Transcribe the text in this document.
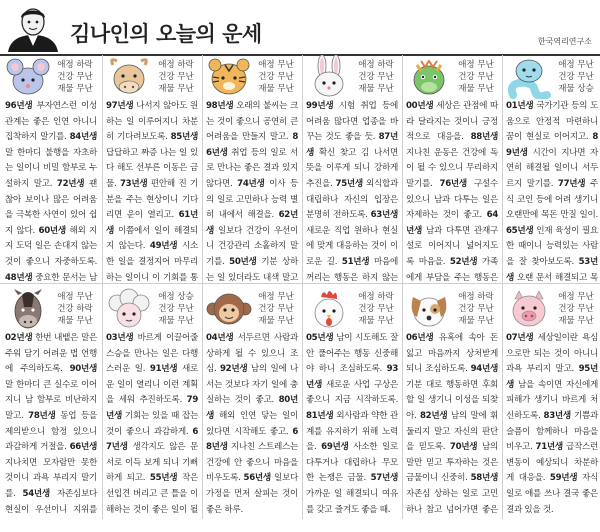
김나인의 오늘의 운세	한국역리연구소
애정 하락
건강 무난
재물 무난
96년생 부자연스런 이성관계는 좋은 인연 아니니 집착하지 말기를. 84년생 말 한마디 불행을 자초하는 일이니 비밀 함부로 누설하지 말고. 72년생 괜찮아 보이나 많은 어려움을 극복한 사연이 있어 쉽지 않다. 60년생 해외 지지 도덕 일은 손대지 않는 것이 좋으니 자중하도록. 48년생 중요한 문서는 남
애정 하락
건강 무난
재물 무난
97년생 나서지 않아도 원하는 일 이루어지니 차분히 기다려보도록. 85년생 답답하고 짜증 나는 일 있다 해도 선부른 이동은 금물. 73년생 편안해 진 기분을 주는 현상이니 기다리면 운이 열리고. 61년생 이쯤에서 일이 해결되지 않는다. 49년생 시소한 일을 결정지어 마무리하는 일이니 이 기회를 통
애정 무난
건강 무난
재물 무난
98년생 오래의 불씨는 크는 것이 좋으니 공연히 큰 어려움을 만들지 말고. 86년생 취업 등의 일로 서로 만나는 좋은 결과 있지 않다면. 74년생 이사 등의 일로 고민하나 능력 별히 내에서 해결을. 62년생 일보다 건강이 우선이니 건강관리 소홀하지 말기를. 50년생 기분 상하는 일 있더라도 내색 말고
애정 하락
건강 무난
재물 무난
99년생 시험 취업 등에 어려움 많다면 업종을 바꾸는 것도 좋을 듯. 87년생 확신 찾고 김 나서면 뜻을 이루게 되니 강하게 추진을. 75년생 외식합과 대립하나 자신의 입장은 분명히 전하도록. 63년생 새로운 직업 원하나 현실에 맞게 대응하는 것이 이로운 길. 51년생 마음에 꺼리는 행동은 하지 않는
애정 무난
건강 무난
재물 무난
00년생 세상은 관점에 따라 달라지는 것이니 긍정적으로 대응을. 88년생 지나친 운동은 건강에 독이 될 수 있으니 무리하지 말기를. 76년생 구설수 있으니 남과 다투는 일은 자제하는 것이 좋고. 64년생 남과 다투면 관재구설로 이어지니 넓어지도록 마음을. 52년생 가족에게 부담을 주는 행동은
애정 무난
건강 무난
재물 상승
01년생 국가기관 등의 도움으로 안정적 마련하니 꿈이 현실로 이어지고. 89년생 시간이 지나면 자연히 해결될 일이니 서두르지 말기를. 77년생 주식 코인 등에 어려 생기니 오랜만에 목돈 만질 일이. 65년생 인재 육성이 필요한 때이니 능력있는 사람을 잘 찾아보도록. 53년생 오랜 문서 해결되고 목
애정 무난
건강 하락
재물 무난
02년생 한번 내뱉은 말은 주워 담기 어려운 법 언행에 주의하도록. 90년생 말 한마디 큰 실수로 이어지니 남 함부로 비난하지 말고. 78년생 동업 등을 제의받으니 함정 있으니 과감하게 거절을. 66년생 지나치면 모자람만 못한 것이니 과욕 부리지 말기를. 54년생 자존심보다 현실이 우선이니 지위를
애정 상승
건강 무난
재물 무난
03년생 바르게 이끌어줄 스승을 만나는 일은 다행스러운 일. 91년생 새로운 일이 열리니 이런 계획을 세워 추진하도록. 79년생 기회는 있을 때 잡는 것이 좋으니 과감하게. 67년생 생각지도 않은 문서로 이득 보게 되니 기뻐하게 되고. 55년생 작은 선입견 버리고 큰 틀을 이해하는 것이 좋은 일이 될
애정 무난
건강 무난
재물 무난
04년생 서두르면 사람과 상하게 될 수 있으니 조심. 92년생 남의 일에 나서는 것보다 자기 일에 충실하는 것이 좋고. 80년생 해외 인연 닿는 일이 있다면 시작해도 좋고. 68년생 지나친 스트레스는 건강에 안 좋으니 마음을 비우도록. 56년생 일보다 가정을 먼저 살피는 것이 좋은 하루.
애정 하락
건강 무난
재물 무난
05년생 남이 시도해도 잘 안 풀어주는 행동 신중해야 하니 조심하도록. 93년생 새로운 사업 구상은 좋으니 지금 시작하도록. 81년생 외사람과 약한 관계를 유지하기 위해 노력을. 69년생 사소한 일로 다투거나 대립하나 무모한 논쟁은 금물. 57년생 가까운 일 해결되니 여유를 갖고 즐겨도 좋을 때.
애정 하락
건강 무난
재물 무난
06년생 유혹에 속아 돈 잃고 마음까지 상처받게 되니 조심하도록. 94년생 기분 대로 행동하면 후회할 일 생기니 이성을 되찾아. 82년생 남의 말에 휘둘리지 말고 자신의 판단을 믿도록. 70년생 남의 말만 믿고 투자하는 것은 금물이니 신중히. 58년생 자존심 상하는 일로 고민하나 참고 넘어가면 좋은
애정 무난
건강 무난
재물 무난
07년생 세상일이란 욕심으로만 되는 것이 아니니 과욕 부리지 말고. 95년생 남을 속이면 자신에게 피해가 생기니 바르게 처신하도록. 83년생 기쁨과 슬픔이 함께하니 마음을 비우고. 71년생 급작스런 변동이 예상되니 차분하게 대응을. 59년생 자식 일로 애를 쓰나 결국 좋은 결과 있을 것.
